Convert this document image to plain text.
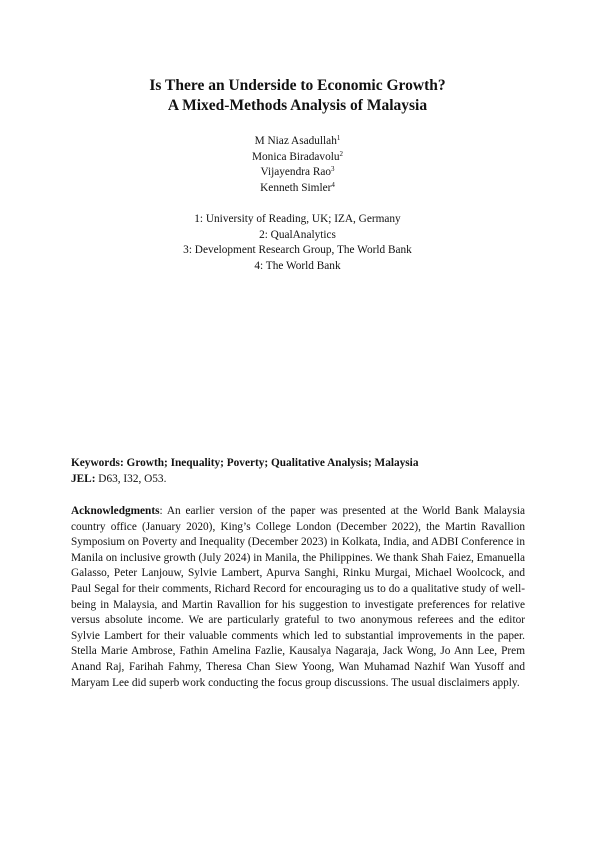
Is There an Underside to Economic Growth?
A Mixed-Methods Analysis of Malaysia
M Niaz Asadullah$^1$
Monica Biradavolu$^2$
Vijayendra Rao$^3$
Kenneth Simler$^4$
1: University of Reading, UK; IZA, Germany
2: QualAnalytics
3: Development Research Group, The World Bank
4: The World Bank
Keywords: Growth; Inequality; Poverty; Qualitative Analysis; Malaysia
JEL: D63, I32, O53.
Acknowledgments: An earlier version of the paper was presented at the World Bank Malaysia country office (January 2020), King’s College London (December 2022), the Martin Ravallion Symposium on Poverty and Inequality (December 2023) in Kolkata, India, and ADBI Conference in Manila on inclusive growth (July 2024) in Manila, the Philippines. We thank Shah Faiez, Emanuella Galasso, Peter Lanjouw, Sylvie Lambert, Apurva Sanghi, Rinku Murgai, Michael Woolcock, and Paul Segal for their comments, Richard Record for encouraging us to do a qualitative study of well-being in Malaysia, and Martin Ravallion for his suggestion to investigate preferences for relative versus absolute income. We are particularly grateful to two anonymous referees and the editor Sylvie Lambert for their valuable comments which led to substantial improvements in the paper. Stella Marie Ambrose, Fathin Amelina Fazlie, Kausalya Nagaraja, Jack Wong, Jo Ann Lee, Prem Anand Raj, Farihah Fahmy, Theresa Chan Siew Yoong, Wan Muhamad Nazhif Wan Yusoff and Maryam Lee did superb work conducting the focus group discussions. The usual disclaimers apply.
